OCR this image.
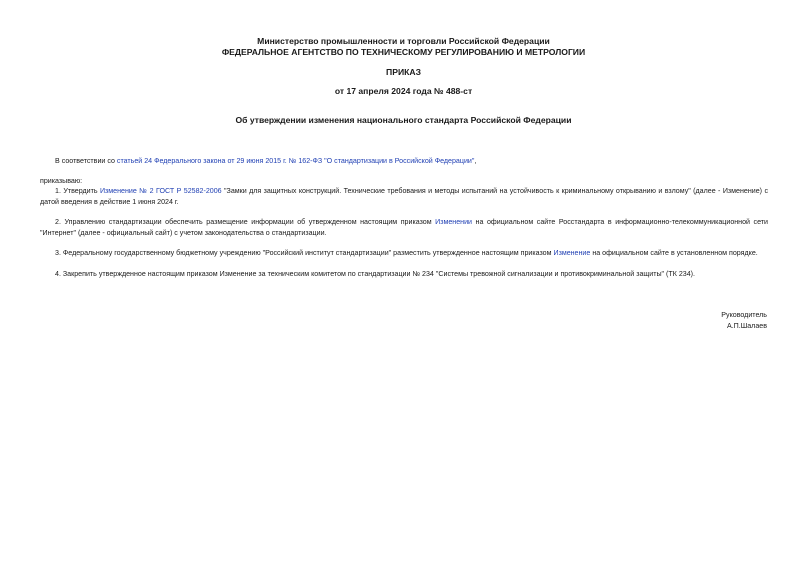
Министерство промышленности и торговли Российской Федерации
ФЕДЕРАЛЬНОЕ АГЕНТСТВО ПО ТЕХНИЧЕСКОМУ РЕГУЛИРОВАНИЮ И МЕТРОЛОГИИ
ПРИКАЗ
от 17 апреля 2024 года № 488-ст
Об утверждении изменения национального стандарта Российской Федерации
В соответствии со статьей 24 Федерального закона от 29 июня 2015 г. № 162-ФЗ "О стандартизации в Российской Федерации",
приказываю:
1. Утвердить Изменение № 2 ГОСТ Р 52582-2006 "Замки для защитных конструкций. Технические требования и методы испытаний на устойчивость к криминальному открыванию и взлому" (далее - Изменение) с датой введения в действие 1 июня 2024 г.
2. Управлению стандартизации обеспечить размещение информации об утвержденном настоящим приказом Изменении на официальном сайте Росстандарта в информационно-телекоммуникационной сети "Интернет" (далее - официальный сайт) с учетом законодательства о стандартизации.
3. Федеральному государственному бюджетному учреждению "Российский институт стандартизации" разместить утвержденное настоящим приказом Изменение на официальном сайте в установленном порядке.
4. Закрепить утвержденное настоящим приказом Изменение за техническим комитетом по стандартизации № 234 "Системы тревожной сигнализации и противокриминальной защиты" (ТК 234).
Руководитель
А.П.Шалаев
